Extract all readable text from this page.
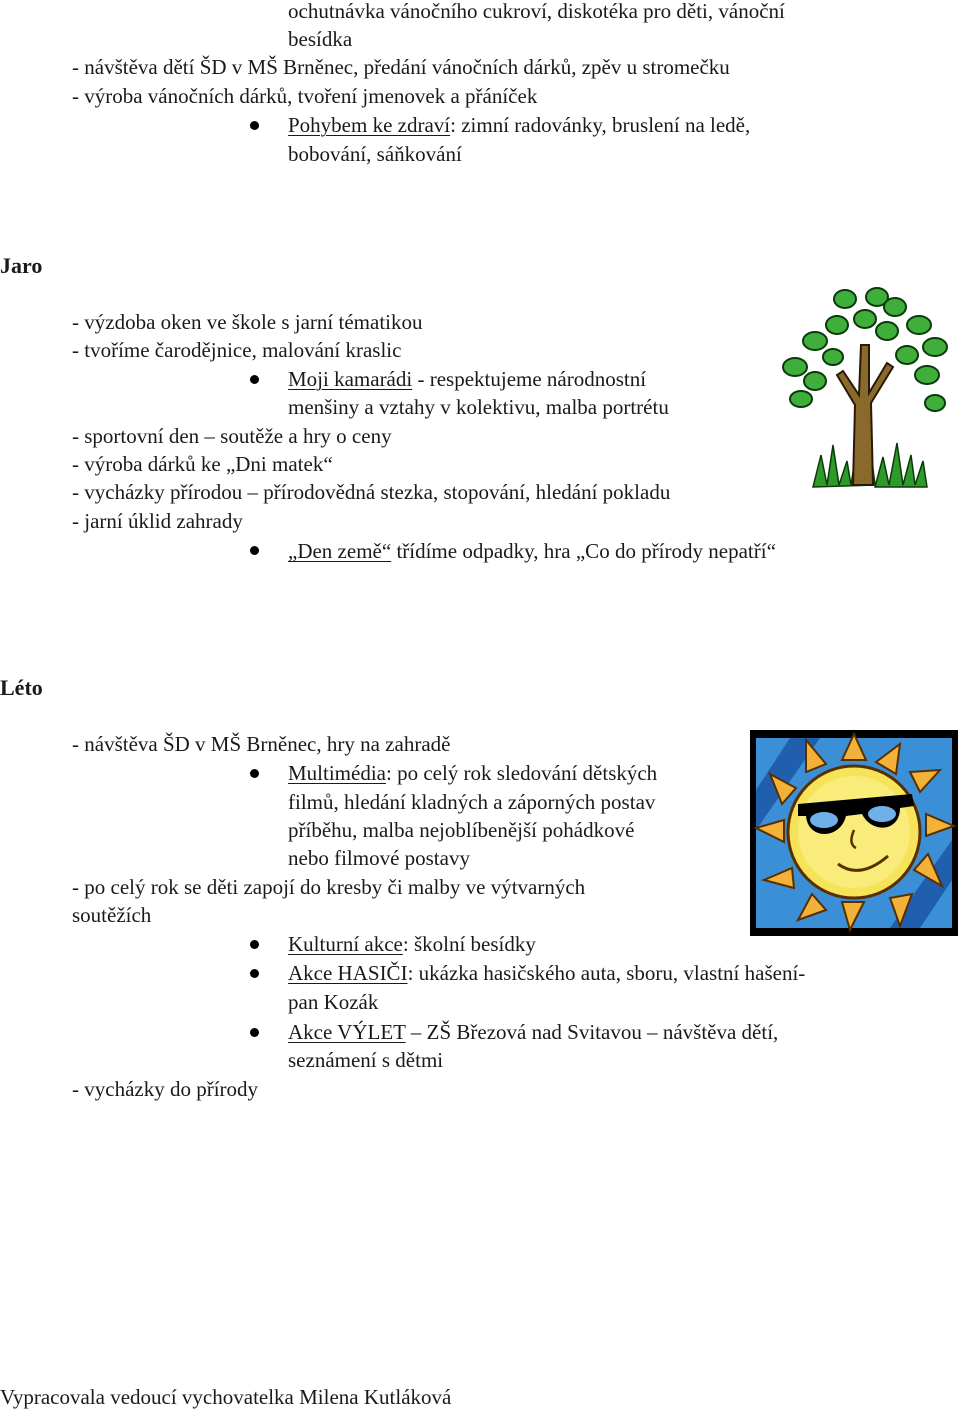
ochutnávka vánočního cukroví, diskotéka pro děti, vánoční
besídka
- návštěva dětí ŠD v MŠ Brněnec, předání vánočních dárků, zpěv u stromečku
- výroba vánočních dárků, tvoření jmenovek a přáníček
Pohybem ke zdraví: zimní radovánky, bruslení na ledě,
bobování, sáňkování
Jaro
- výzdoba oken ve škole s jarní tématikou
- tvoříme čarodějnice, malování kraslic
Moji kamarádi - respektujeme národnostní
menšiny a vztahy v kolektivu, malba portrétu
- sportovní den – soutěže a hry o ceny
- výroba dárků ke „Dni matek“
- vycházky přírodou – přírodovědná stezka, stopování, hledání pokladu
- jarní úklid zahrady
„Den země“ třídíme odpadky, hra „Co do přírody nepatří“
Léto
- návštěva ŠD v MŠ Brněnec, hry na zahradě
Multimédia: po celý rok sledování dětských
filmů, hledání kladných a záporných postav
příběhu, malba nejoblíbenější pohádkové
nebo filmové postavy
- po celý rok se děti zapojí do kresby či malby ve výtvarných
soutěžích
Kulturní akce: školní besídky
Akce HASIČI: ukázka hasičského auta, sboru, vlastní hašení-
pan Kozák
Akce VÝLET – ZŠ Březová nad Svitavou – návštěva dětí,
seznámení s dětmi
- vycházky do přírody
Vypracovala vedoucí vychovatelka Milena Kutláková
